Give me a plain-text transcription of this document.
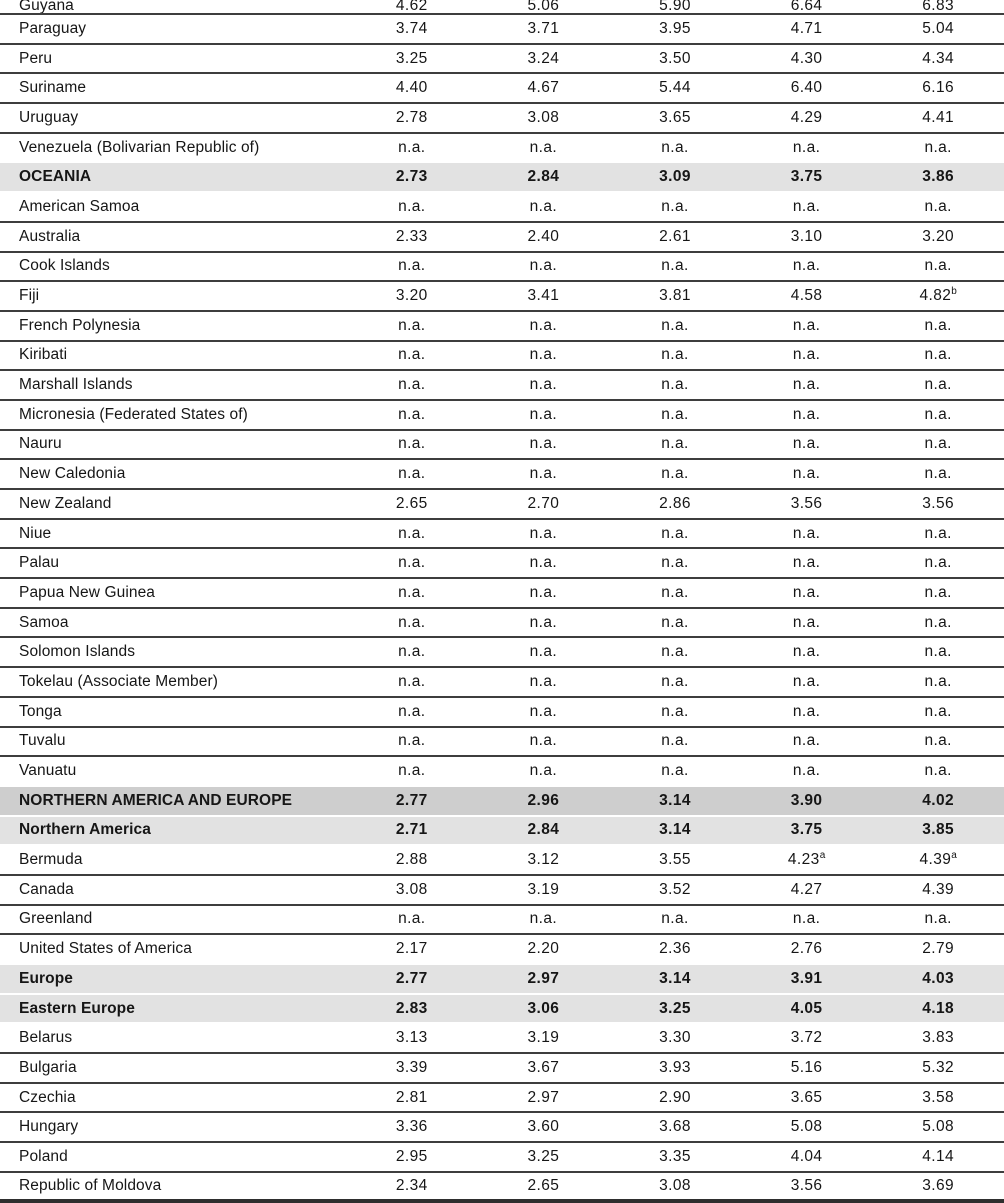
Guyana	4.62	5.06	5.90	6.64	6.83
Paraguay	3.74	3.71	3.95	4.71	5.04
Peru	3.25	3.24	3.50	4.30	4.34
Suriname	4.40	4.67	5.44	6.40	6.16
Uruguay	2.78	3.08	3.65	4.29	4.41
Venezuela (Bolivarian Republic of)	n.a.	n.a.	n.a.	n.a.	n.a.
OCEANIA	2.73	2.84	3.09	3.75	3.86
American Samoa	n.a.	n.a.	n.a.	n.a.	n.a.
Australia	2.33	2.40	2.61	3.10	3.20
Cook Islands	n.a.	n.a.	n.a.	n.a.	n.a.
Fiji	3.20	3.41	3.81	4.58	4.82$^b$
French Polynesia	n.a.	n.a.	n.a.	n.a.	n.a.
Kiribati	n.a.	n.a.	n.a.	n.a.	n.a.
Marshall Islands	n.a.	n.a.	n.a.	n.a.	n.a.
Micronesia (Federated States of)	n.a.	n.a.	n.a.	n.a.	n.a.
Nauru	n.a.	n.a.	n.a.	n.a.	n.a.
New Caledonia	n.a.	n.a.	n.a.	n.a.	n.a.
New Zealand	2.65	2.70	2.86	3.56	3.56
Niue	n.a.	n.a.	n.a.	n.a.	n.a.
Palau	n.a.	n.a.	n.a.	n.a.	n.a.
Papua New Guinea	n.a.	n.a.	n.a.	n.a.	n.a.
Samoa	n.a.	n.a.	n.a.	n.a.	n.a.
Solomon Islands	n.a.	n.a.	n.a.	n.a.	n.a.
Tokelau (Associate Member)	n.a.	n.a.	n.a.	n.a.	n.a.
Tonga	n.a.	n.a.	n.a.	n.a.	n.a.
Tuvalu	n.a.	n.a.	n.a.	n.a.	n.a.
Vanuatu	n.a.	n.a.	n.a.	n.a.	n.a.
NORTHERN AMERICA AND EUROPE	2.77	2.96	3.14	3.90	4.02
Northern America	2.71	2.84	3.14	3.75	3.85
Bermuda	2.88	3.12	3.55	4.23$^a$	4.39$^a$
Canada	3.08	3.19	3.52	4.27	4.39
Greenland	n.a.	n.a.	n.a.	n.a.	n.a.
United States of America	2.17	2.20	2.36	2.76	2.79
Europe	2.77	2.97	3.14	3.91	4.03
Eastern Europe	2.83	3.06	3.25	4.05	4.18
Belarus	3.13	3.19	3.30	3.72	3.83
Bulgaria	3.39	3.67	3.93	5.16	5.32
Czechia	2.81	2.97	2.90	3.65	3.58
Hungary	3.36	3.60	3.68	5.08	5.08
Poland	2.95	3.25	3.35	4.04	4.14
Republic of Moldova	2.34	2.65	3.08	3.56	3.69
